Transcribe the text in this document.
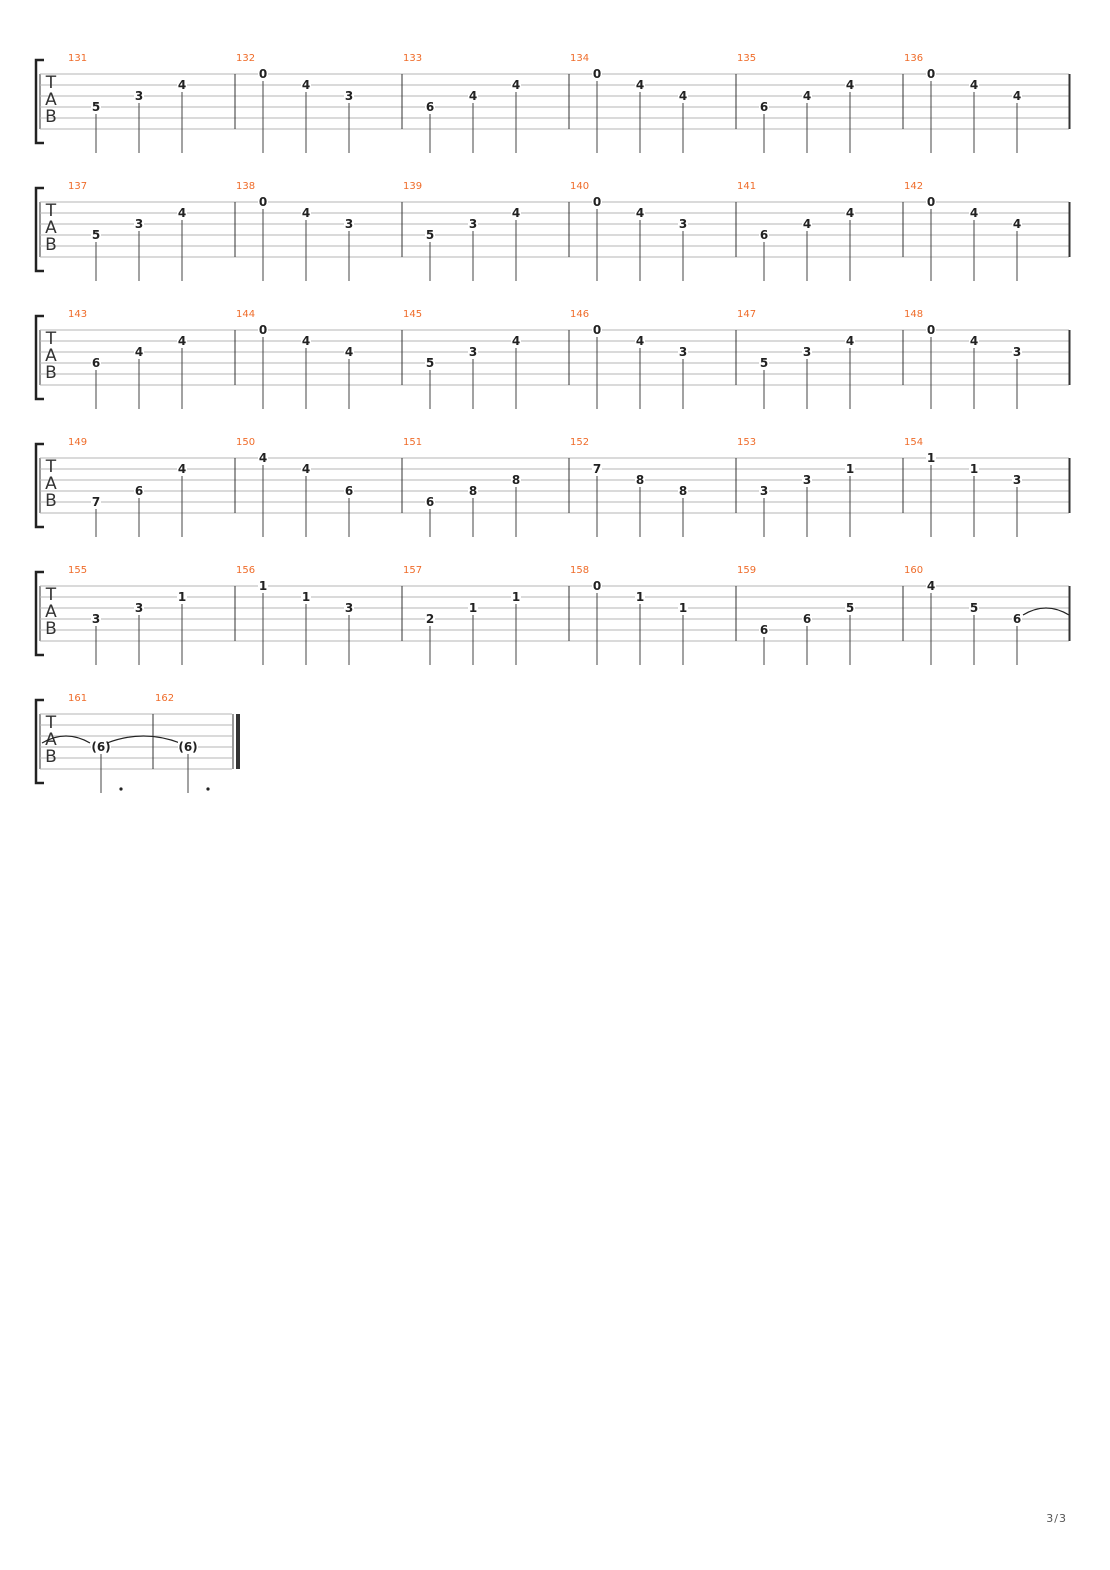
T
A
B
131
5
3
4
132
0
4
3
133
6
4
4
134
0
4
4
135
6
4
4
136
0
4
4
T
A
B
137
5
3
4
138
0
4
3
139
5
3
4
140
0
4
3
141
6
4
4
142
0
4
4
T
A
B
143
6
4
4
144
0
4
4
145
5
3
4
146
0
4
3
147
5
3
4
148
0
4
3
T
A
B
149
7
6
4
150
4
4
6
151
6
8
8
152
7
8
8
153
3
3
1
154
1
1
3
T
A
B
155
3
3
1
156
1
1
3
157
2
1
1
158
0
1
1
159
6
6
5
160
4
5
6
T
A
B
161
(6)
162
(6)
3/3
